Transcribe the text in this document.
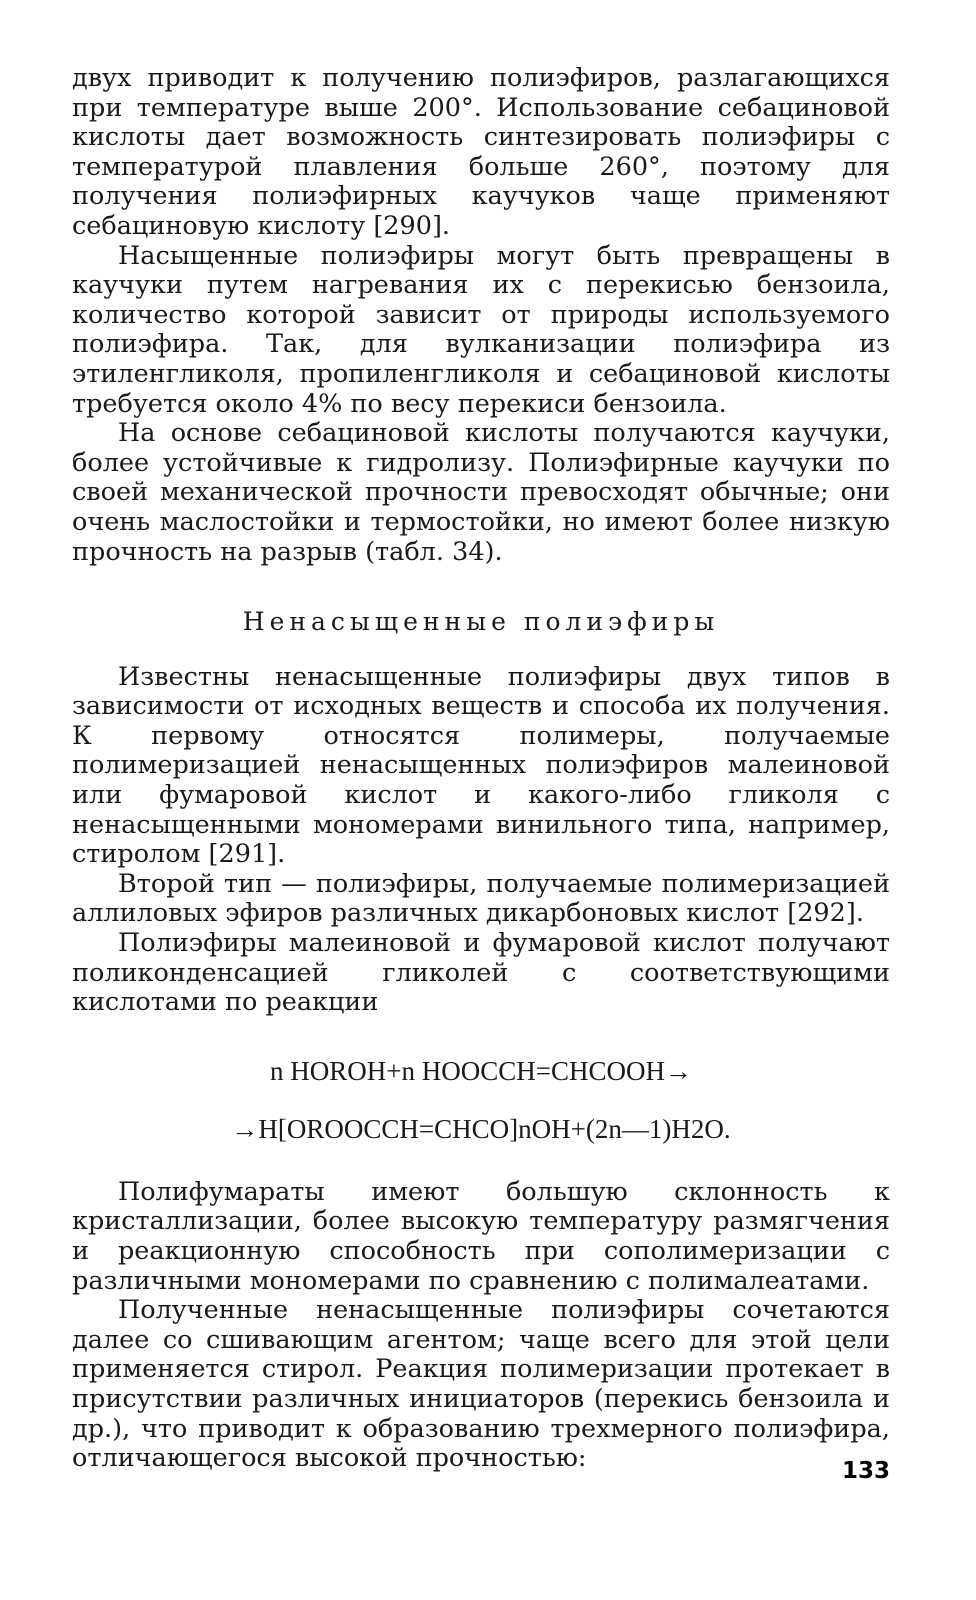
двух приводит к получению полиэфиров, разлагающихся при температуре выше 200°. Использование себациновой кислоты дает возможность синтезировать полиэфиры с температурой плавления больше 260°, поэтому для получения полиэфирных каучуков чаще применяют себациновую кислоту [290].

Насыщенные полиэфиры могут быть превращены в каучуки путем нагревания их с перекисью бензоила, количество которой зависит от природы используемого полиэфира. Так, для вулканизации полиэфира из этиленгликоля, пропиленгликоля и себациновой кислоты требуется около 4% по весу перекиси бензоила.

На основе себациновой кислоты получаются каучуки, более устойчивые к гидролизу. Полиэфирные каучуки по своей механической прочности превосходят обычные; они очень маслостойки и термостойки, но имеют более низкую прочность на разрыв (табл. 34).

Ненасыщенные полиэфиры

Известны ненасыщенные полиэфиры двух типов в зависимости от исходных веществ и способа их получения. К первому относятся полимеры, получаемые полимеризацией ненасыщенных полиэфиров малеиновой или фумаровой кислот и какого-либо гликоля с ненасыщенными мономерами винильного типа, например, стиролом [291].

Второй тип — полиэфиры, получаемые полимеризацией аллиловых эфиров различных дикарбоновых кислот [292].

Полиэфиры малеиновой и фумаровой кислот получают поликонденсацией гликолей с соответствующими кислотами по реакции

n HOROH+n HOOCCH=CHCOOH→
→H[OROOCCH=CHCO]nOH+(2n—1)H2O.

Полифумараты имеют большую склонность к кристаллизации, более высокую температуру размягчения и реакционную способность при сополимеризации с различными мономерами по сравнению с полималеатами.

Полученные ненасыщенные полиэфиры сочетаются далее со сшивающим агентом; чаще всего для этой цели применяется стирол. Реакция полимеризации протекает в присутствии различных инициаторов (перекись бензоила и др.), что приводит к образованию трехмерного полиэфира, отличающегося высокой прочностью:	133
